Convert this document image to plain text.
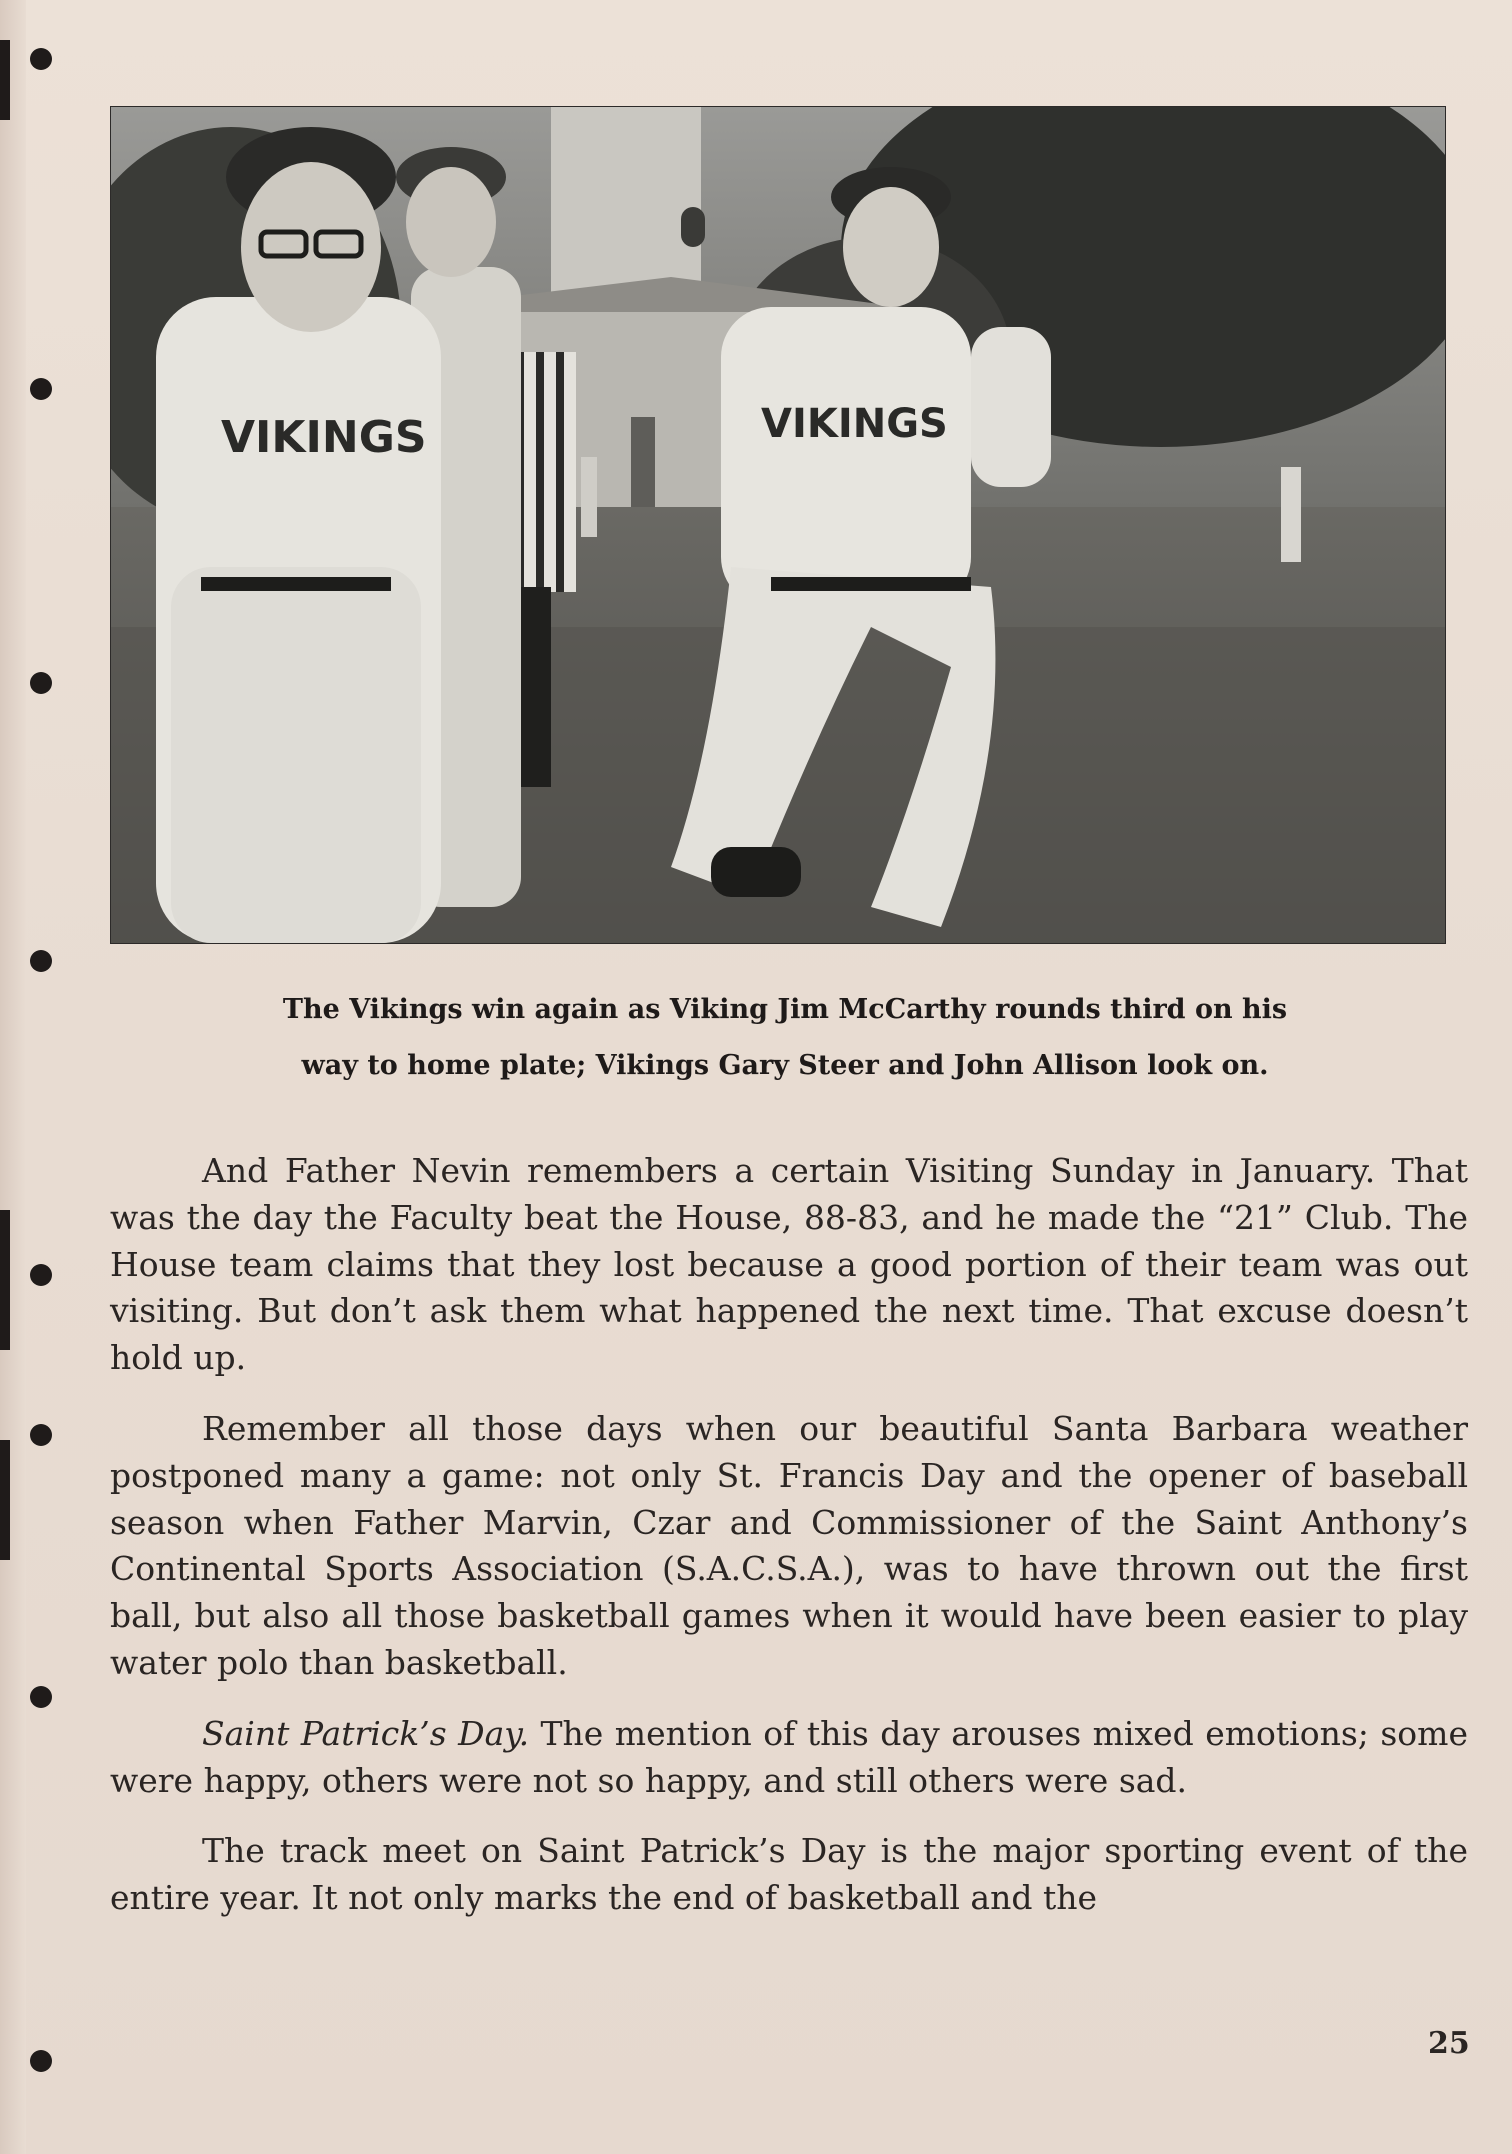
VIKINGS	VIKINGS
The Vikings win again as Viking Jim McCarthy rounds third on his
way to home plate; Vikings Gary Steer and John Allison look on.

And Father Nevin remembers a certain Visiting Sunday in January. That was the day the Faculty beat the House, 88-83, and he made the “21” Club. The House team claims that they lost because a good portion of their team was out visiting. But don’t ask them what happened the next time. That excuse doesn’t hold up.

Remember all those days when our beautiful Santa Barbara weather postponed many a game: not only St. Francis Day and the opener of baseball season when Father Marvin, Czar and Commissioner of the Saint Anthony’s Continental Sports Association (S.A.C.S.A.), was to have thrown out the first ball, but also all those basketball games when it would have been easier to play water polo than basketball.

Saint Patrick’s Day. The mention of this day arouses mixed emotions; some were happy, others were not so happy, and still others were sad.

The track meet on Saint Patrick’s Day is the major sporting event of the entire year. It not only marks the end of basketball and the

25
